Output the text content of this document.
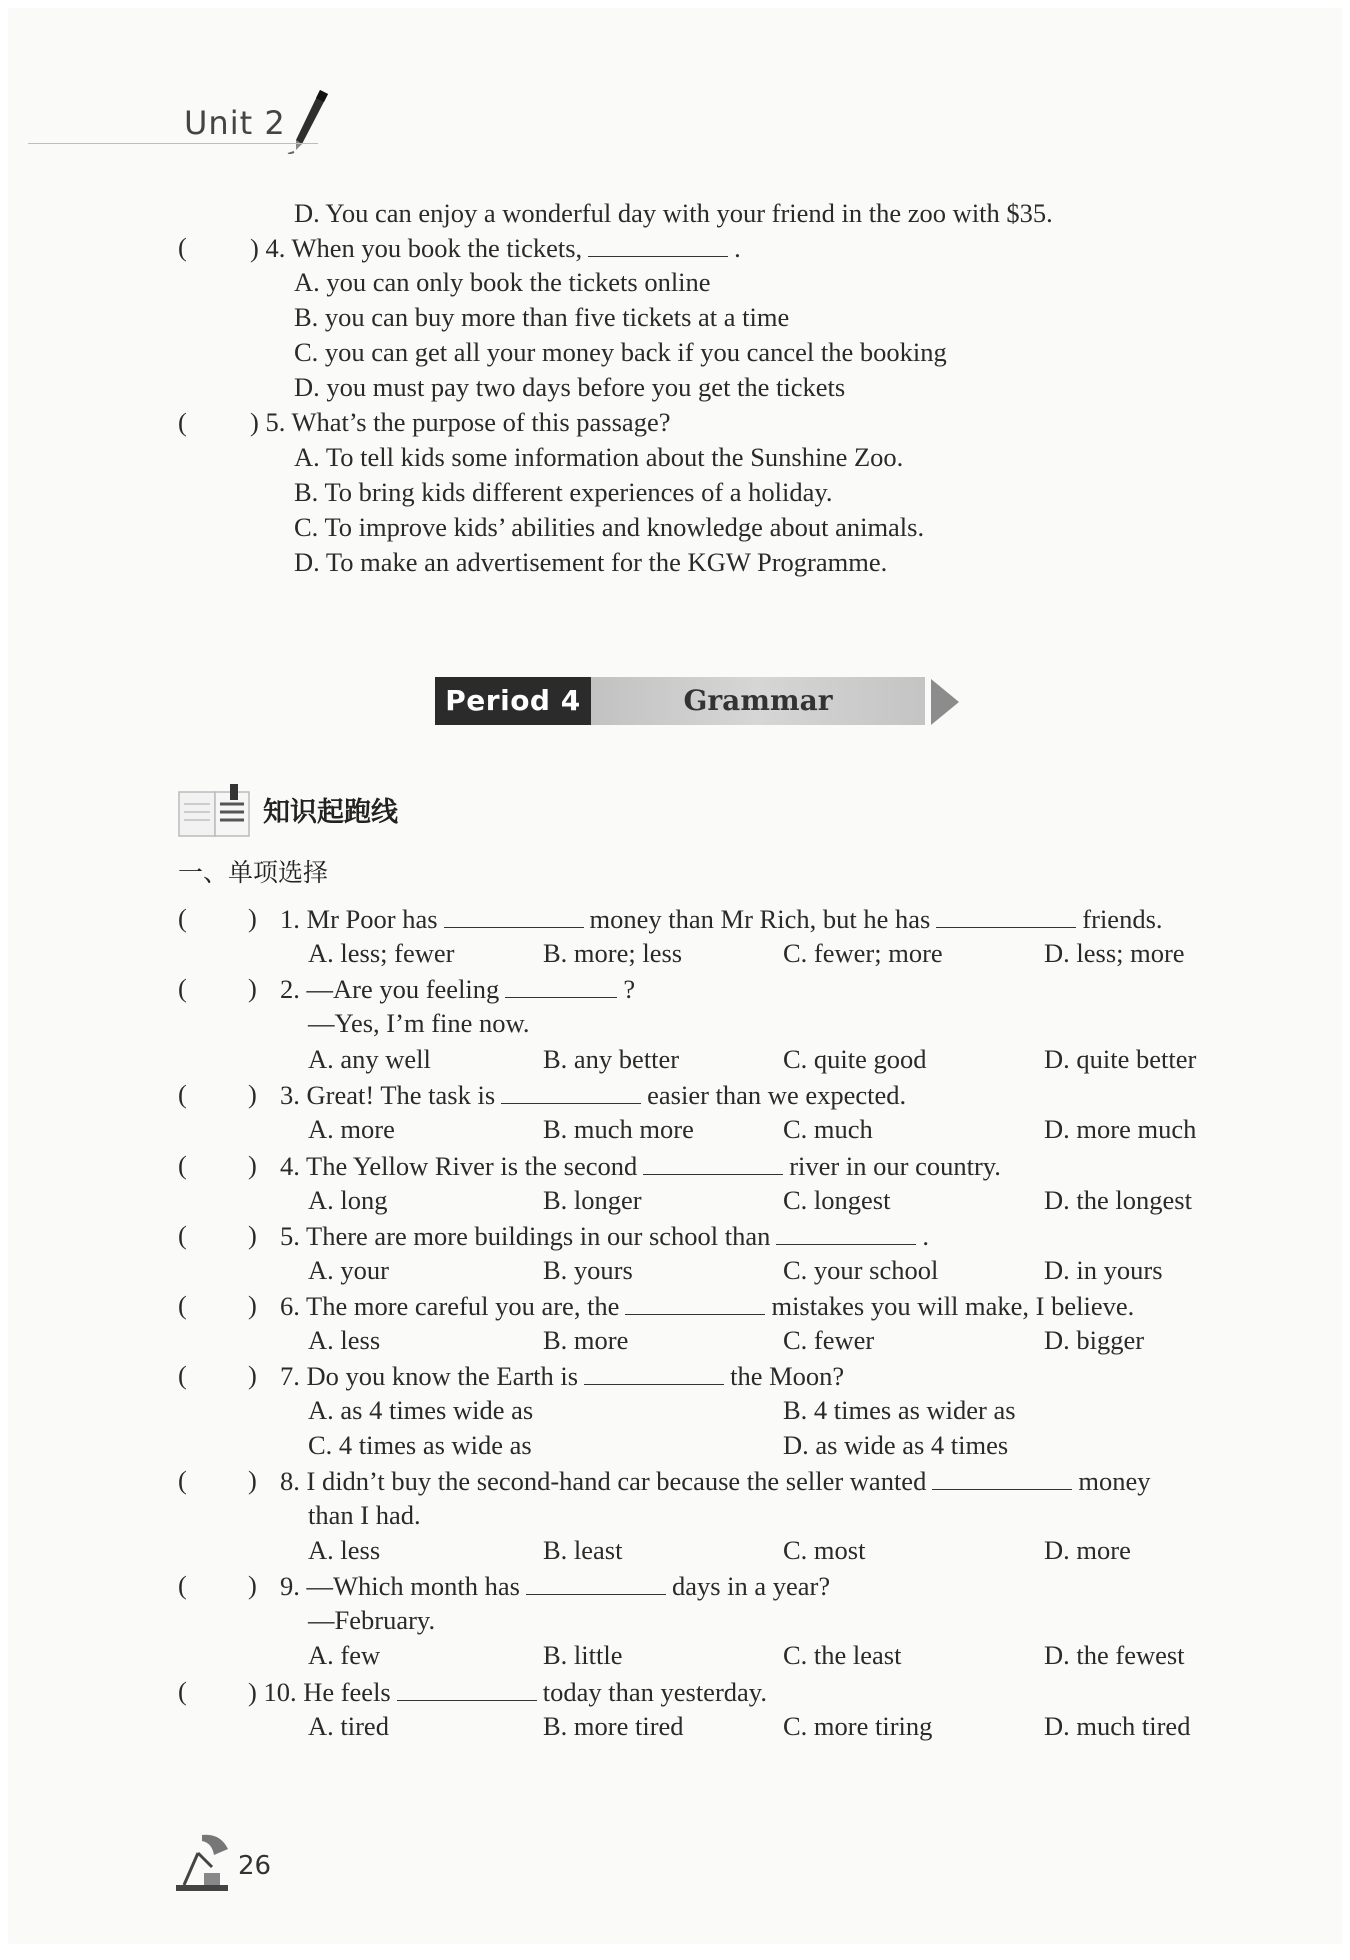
Unit 2
D. You can enjoy a wonderful day with your friend in the zoo with $35.
( ) 4. When you book the tickets,	.
A. you can only book the tickets online
B. you can buy more than five tickets at a time
C. you can get all your money back if you cancel the booking
D. you must pay two days before you get the tickets
( ) 5. What’s the purpose of this passage?
A. To tell kids some information about the Sunshine Zoo.
B. To bring kids different experiences of a holiday.
C. To improve kids’ abilities and knowledge about animals.
D. To make an advertisement for the KGW Programme.
Period 4	Grammar
知识起跑线
一、单项选择
( ) 1. Mr Poor has	money than Mr Rich, but he has	friends.
A. less; fewer	B. more; less	C. fewer; more	D. less; more
( ) 2. —Are you feeling	?
—Yes, I’m fine now.
A. any well	B. any better	C. quite good	D. quite better
( ) 3. Great! The task is	easier than we expected.
A. more	B. much more	C. much	D. more much
( ) 4. The Yellow River is the second	river in our country.
A. long	B. longer	C. longest	D. the longest
( ) 5. There are more buildings in our school than	.
A. your	B. yours	C. your school	D. in yours
( ) 6. The more careful you are, the	mistakes you will make, I believe.
A. less	B. more	C. fewer	D. bigger
( ) 7. Do you know the Earth is	the Moon?
A. as 4 times wide as	B. 4 times as wider as
C. 4 times as wide as	D. as wide as 4 times
( ) 8. I didn’t buy the second-hand car because the seller wanted	money
than I had.
A. less	B. least	C. most	D. more
( ) 9. —Which month has	days in a year?
—February.
A. few	B. little	C. the least	D. the fewest
( ) 10. He feels	today than yesterday.
A. tired	B. more tired	C. more tiring	D. much tired
26
